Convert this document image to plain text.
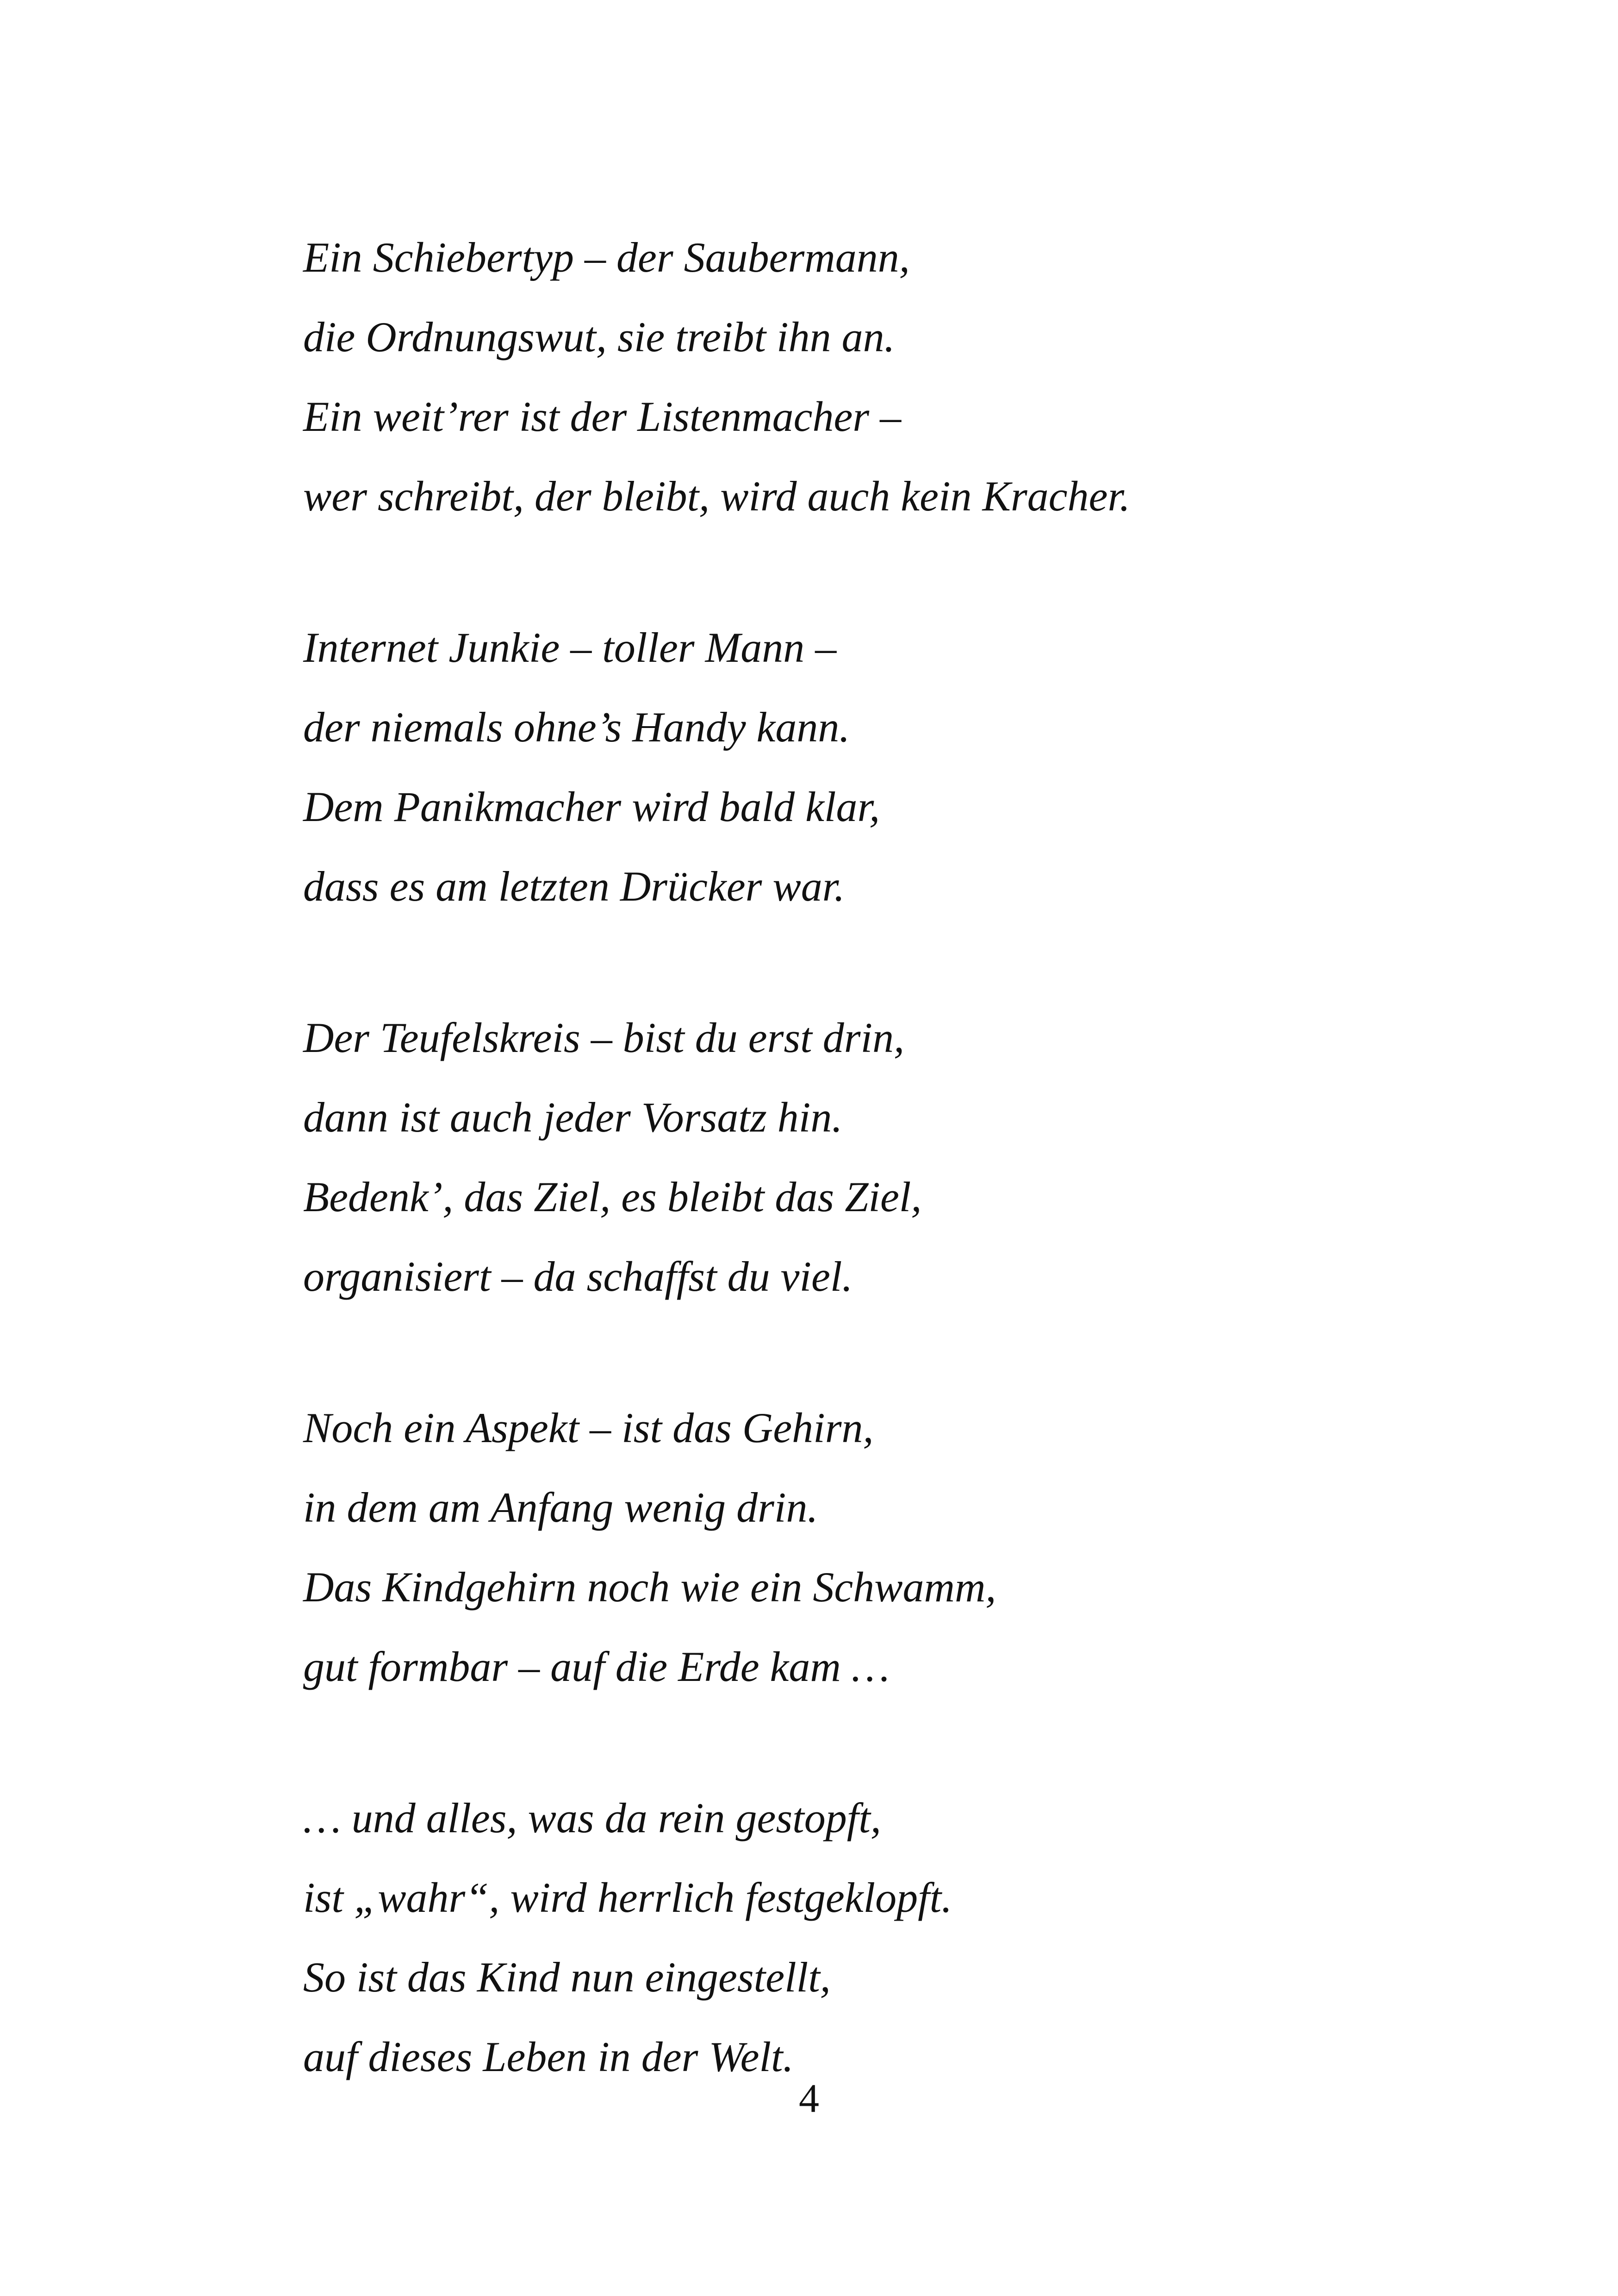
Ein Schiebertyp – der Saubermann,
die Ordnungswut, sie treibt ihn an.
Ein weit’rer ist der Listenmacher –
wer schreibt, der bleibt, wird auch kein Kracher.
Internet Junkie – toller Mann –
der niemals ohne’s Handy kann.
Dem Panikmacher wird bald klar,
dass es am letzten Drücker war.
Der Teufelskreis – bist du erst drin,
dann ist auch jeder Vorsatz hin.
Bedenk’, das Ziel, es bleibt das Ziel,
organisiert – da schaffst du viel.
Noch ein Aspekt – ist das Gehirn,
in dem am Anfang wenig drin.
Das Kindgehirn noch wie ein Schwamm,
gut formbar – auf die Erde kam …
… und alles, was da rein gestopft,
ist „wahr“, wird herrlich festgeklopft.
So ist das Kind nun eingestellt,
auf dieses Leben in der Welt.
4
